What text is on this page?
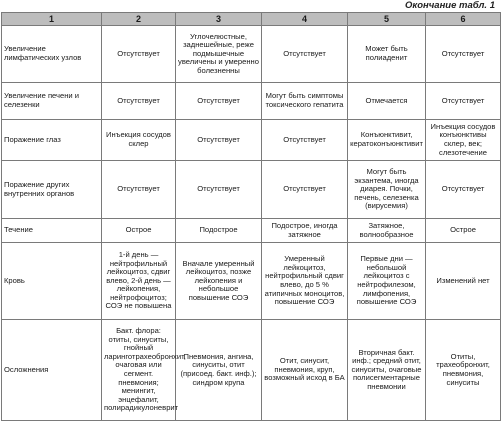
Окончание табл. 1
1	2	3	4	5	6
Увеличение лимфатических узлов	Отсутствует	Углочелюстные, заднешейные, реже подмышечные увеличены и умеренно болезненны	Отсутствует	Может быть полиаденит	Отсутствует
Увеличение печени и селезенки	Отсутствует	Отсутствует	Могут быть симптомы токсического гепатита	Отмечается	Отсутствует
Поражение глаз	Инъекция сосудов склер	Отсутствует	Отсутствует	Конъюнктивит, кератоконъюнктивит	Инъекция сосудов конъюнктивы склер, век; слезотечение
Поражение других внутренних органов	Отсутствует	Отсутствует	Отсутствует	Могут быть экзантема, иногда диарея. Почки, печень, селезенка (вирусемия)	Отсутствует
Течение	Острое	Подострое	Подострое, иногда затяжное	Затяжное, волнообразное	Острое
Кровь	1-й день — нейтрофильный лейкоцитоз, сдвиг влево, 2-й день — лейкопения, нейтрофоцитоз; СОЭ не повышена	Вначале умеренный лейкоцитоз, позже лейкопения и небольшое повышение СОЭ	Умеренный лейкоцитоз, нейтрофильный сдвиг влево, до 5 % атипичных моноцитов, повышение СОЭ	Первые дни — небольшой лейкоцитоз с нейтрофилезом, лимфопения, повышение СОЭ	Изменений нет
Осложнения	Бакт. флора: отиты, синуситы, гнойный ларинготрахеобронхит, очаговая или сегмент. пневмония; менингит, энцефалит, полирадикулоневрит	Пневмония, ангина, синуситы, отит (присоед. бакт. инф.); синдром крупа	Отит, синусит, пневмония, круп, возможный исход в БА	Вторичная бакт. инф.; средний отит, синуситы, очаговые полисегментарные пневмонии	Отиты, трахеобронхит, пневмония, синуситы
